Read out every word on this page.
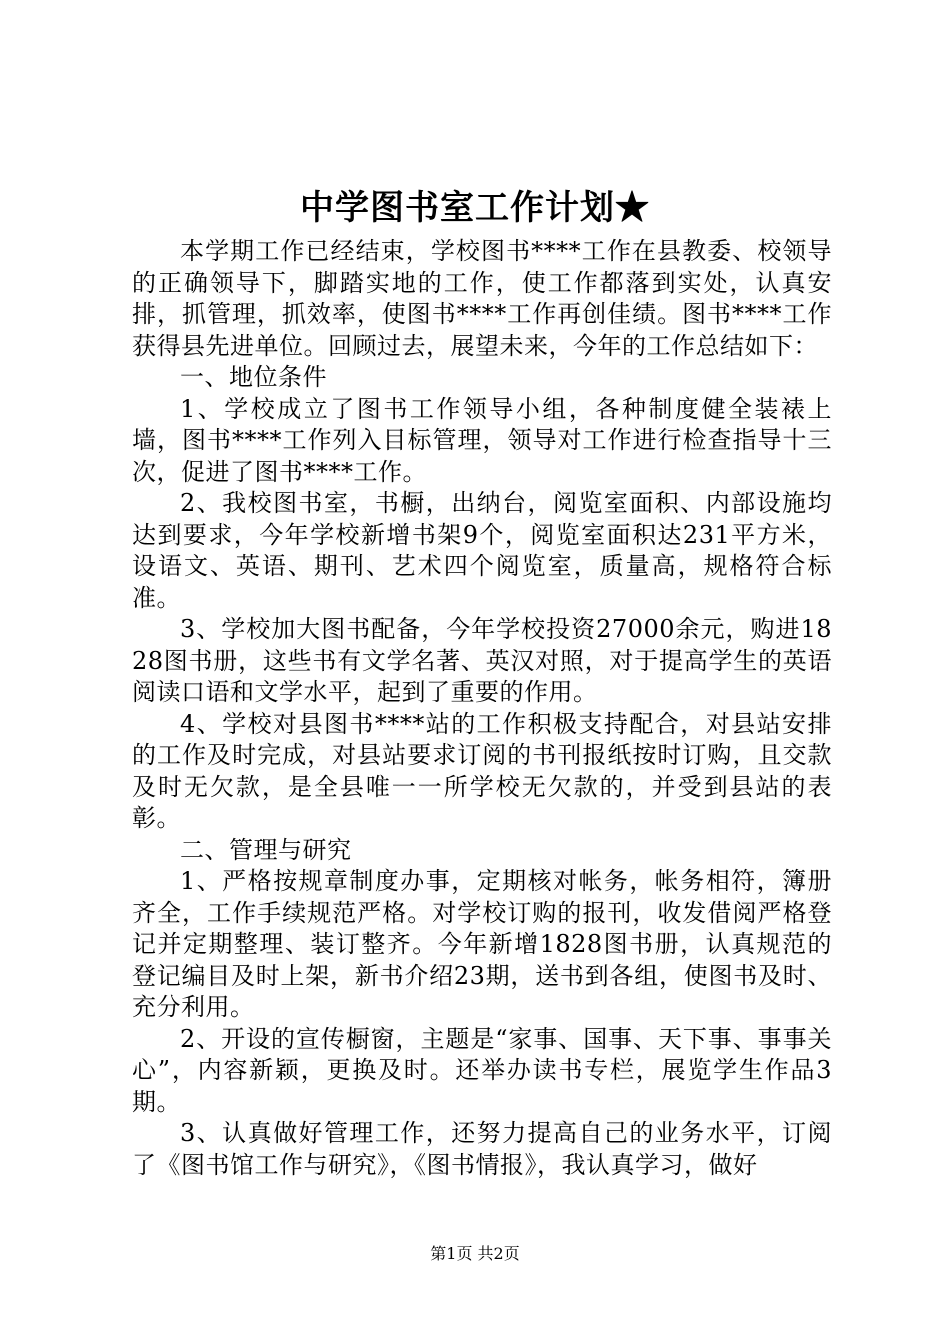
中学图书室工作计划★

本学期工作已经结束，学校图书****工作在县教委、校领导的正确领导下，脚踏实地的工作，使工作都落到实处，认真安排，抓管理，抓效率，使图书****工作再创佳绩。图书****工作获得县先进单位。回顾过去，展望未来，今年的工作总结如下：

一、地位条件

1、学校成立了图书工作领导小组，各种制度健全装裱上墙，图书****工作列入目标管理，领导对工作进行检查指导十三次，促进了图书****工作。

2、我校图书室，书橱，出纳台，阅览室面积、内部设施均达到要求，今年学校新增书架9个，阅览室面积达231平方米，设语文、英语、期刊、艺术四个阅览室，质量高，规格符合标准。

3、学校加大图书配备，今年学校投资27000余元，购进1828图书册，这些书有文学名著、英汉对照，对于提高学生的英语阅读口语和文学水平，起到了重要的作用。

4、学校对县图书****站的工作积极支持配合，对县站安排的工作及时完成，对县站要求订阅的书刊报纸按时订购，且交款及时无欠款，是全县唯一一所学校无欠款的，并受到县站的表彰。

二、管理与研究

1、严格按规章制度办事，定期核对帐务，帐务相符，簿册齐全，工作手续规范严格。对学校订购的报刊，收发借阅严格登记并定期整理、装订整齐。今年新增1828图书册，认真规范的登记编目及时上架，新书介绍23期，送书到各组，使图书及时、充分利用。

2、开设的宣传橱窗，主题是“家事、国事、天下事、事事关心”，内容新颖，更换及时。还举办读书专栏，展览学生作品3期。

3、认真做好管理工作，还努力提高自己的业务水平，订阅了《图书馆工作与研究》，《图书情报》，我认真学习，做好

第1页 共2页
